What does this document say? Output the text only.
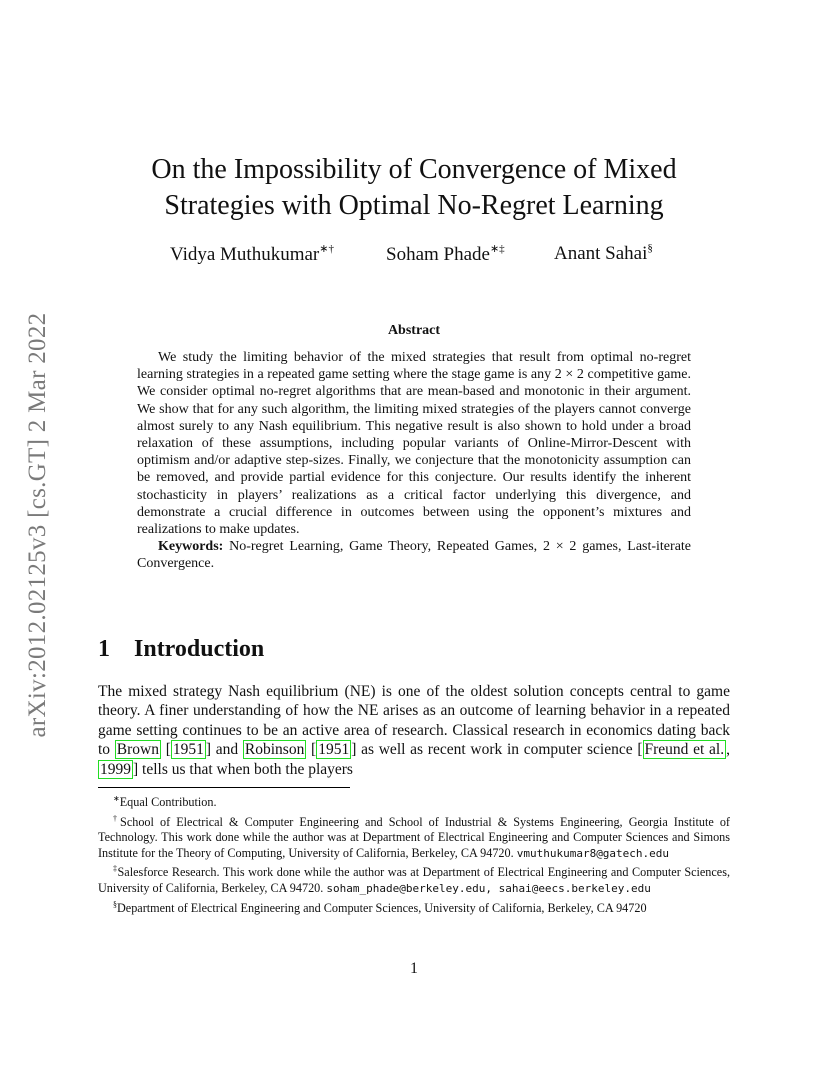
arXiv:2012.02125v3 [cs.GT] 2 Mar 2022
On the Impossibility of Convergence of Mixed
Strategies with Optimal No-Regret Learning
Vidya Muthukumar∗†	Soham Phade∗‡	Anant Sahai§
Abstract

We study the limiting behavior of the mixed strategies that result from optimal no-regret learning strategies in a repeated game setting where the stage game is any 2 × 2 competitive game. We consider optimal no-regret algorithms that are mean-based and monotonic in their argument. We show that for any such algorithm, the limiting mixed strategies of the players cannot converge almost surely to any Nash equilibrium. This negative result is also shown to hold under a broad relaxation of these assumptions, including popular variants of Online-Mirror-Descent with optimism and/or adaptive step-sizes. Finally, we conjecture that the monotonicity assumption can be removed, and provide partial evidence for this conjecture. Our results identify the inherent stochasticity in players’ realizations as a critical factor underlying this divergence, and demonstrate a crucial difference in outcomes between using the opponent’s mixtures and realizations to make updates.

Keywords: No-regret Learning, Game Theory, Repeated Games, 2 × 2 games, Last-iterate Convergence.

1 Introduction

The mixed strategy Nash equilibrium (NE) is one of the oldest solution concepts central to game theory. A finer understanding of how the NE arises as an outcome of learning behavior in a repeated game setting continues to be an active area of research. Classical research in economics dating back to Brown [ 1951 ] and Robinson [ 1951 ] as well as recent work in computer science [ Freund et al. , 1999 ] tells us that when both the players

∗Equal Contribution.

†School of Electrical & Computer Engineering and School of Industrial & Systems Engineering, Georgia Institute of Technology. This work done while the author was at Department of Electrical Engineering and Computer Sciences and Simons Institute for the Theory of Computing, University of California, Berkeley, CA 94720. vmuthukumar8@gatech.edu

‡Salesforce Research. This work done while the author was at Department of Electrical Engineering and Computer Sciences, University of California, Berkeley, CA 94720. soham_phade@berkeley.edu, sahai@eecs.berkeley.edu

§Department of Electrical Engineering and Computer Sciences, University of California, Berkeley, CA 94720

1
